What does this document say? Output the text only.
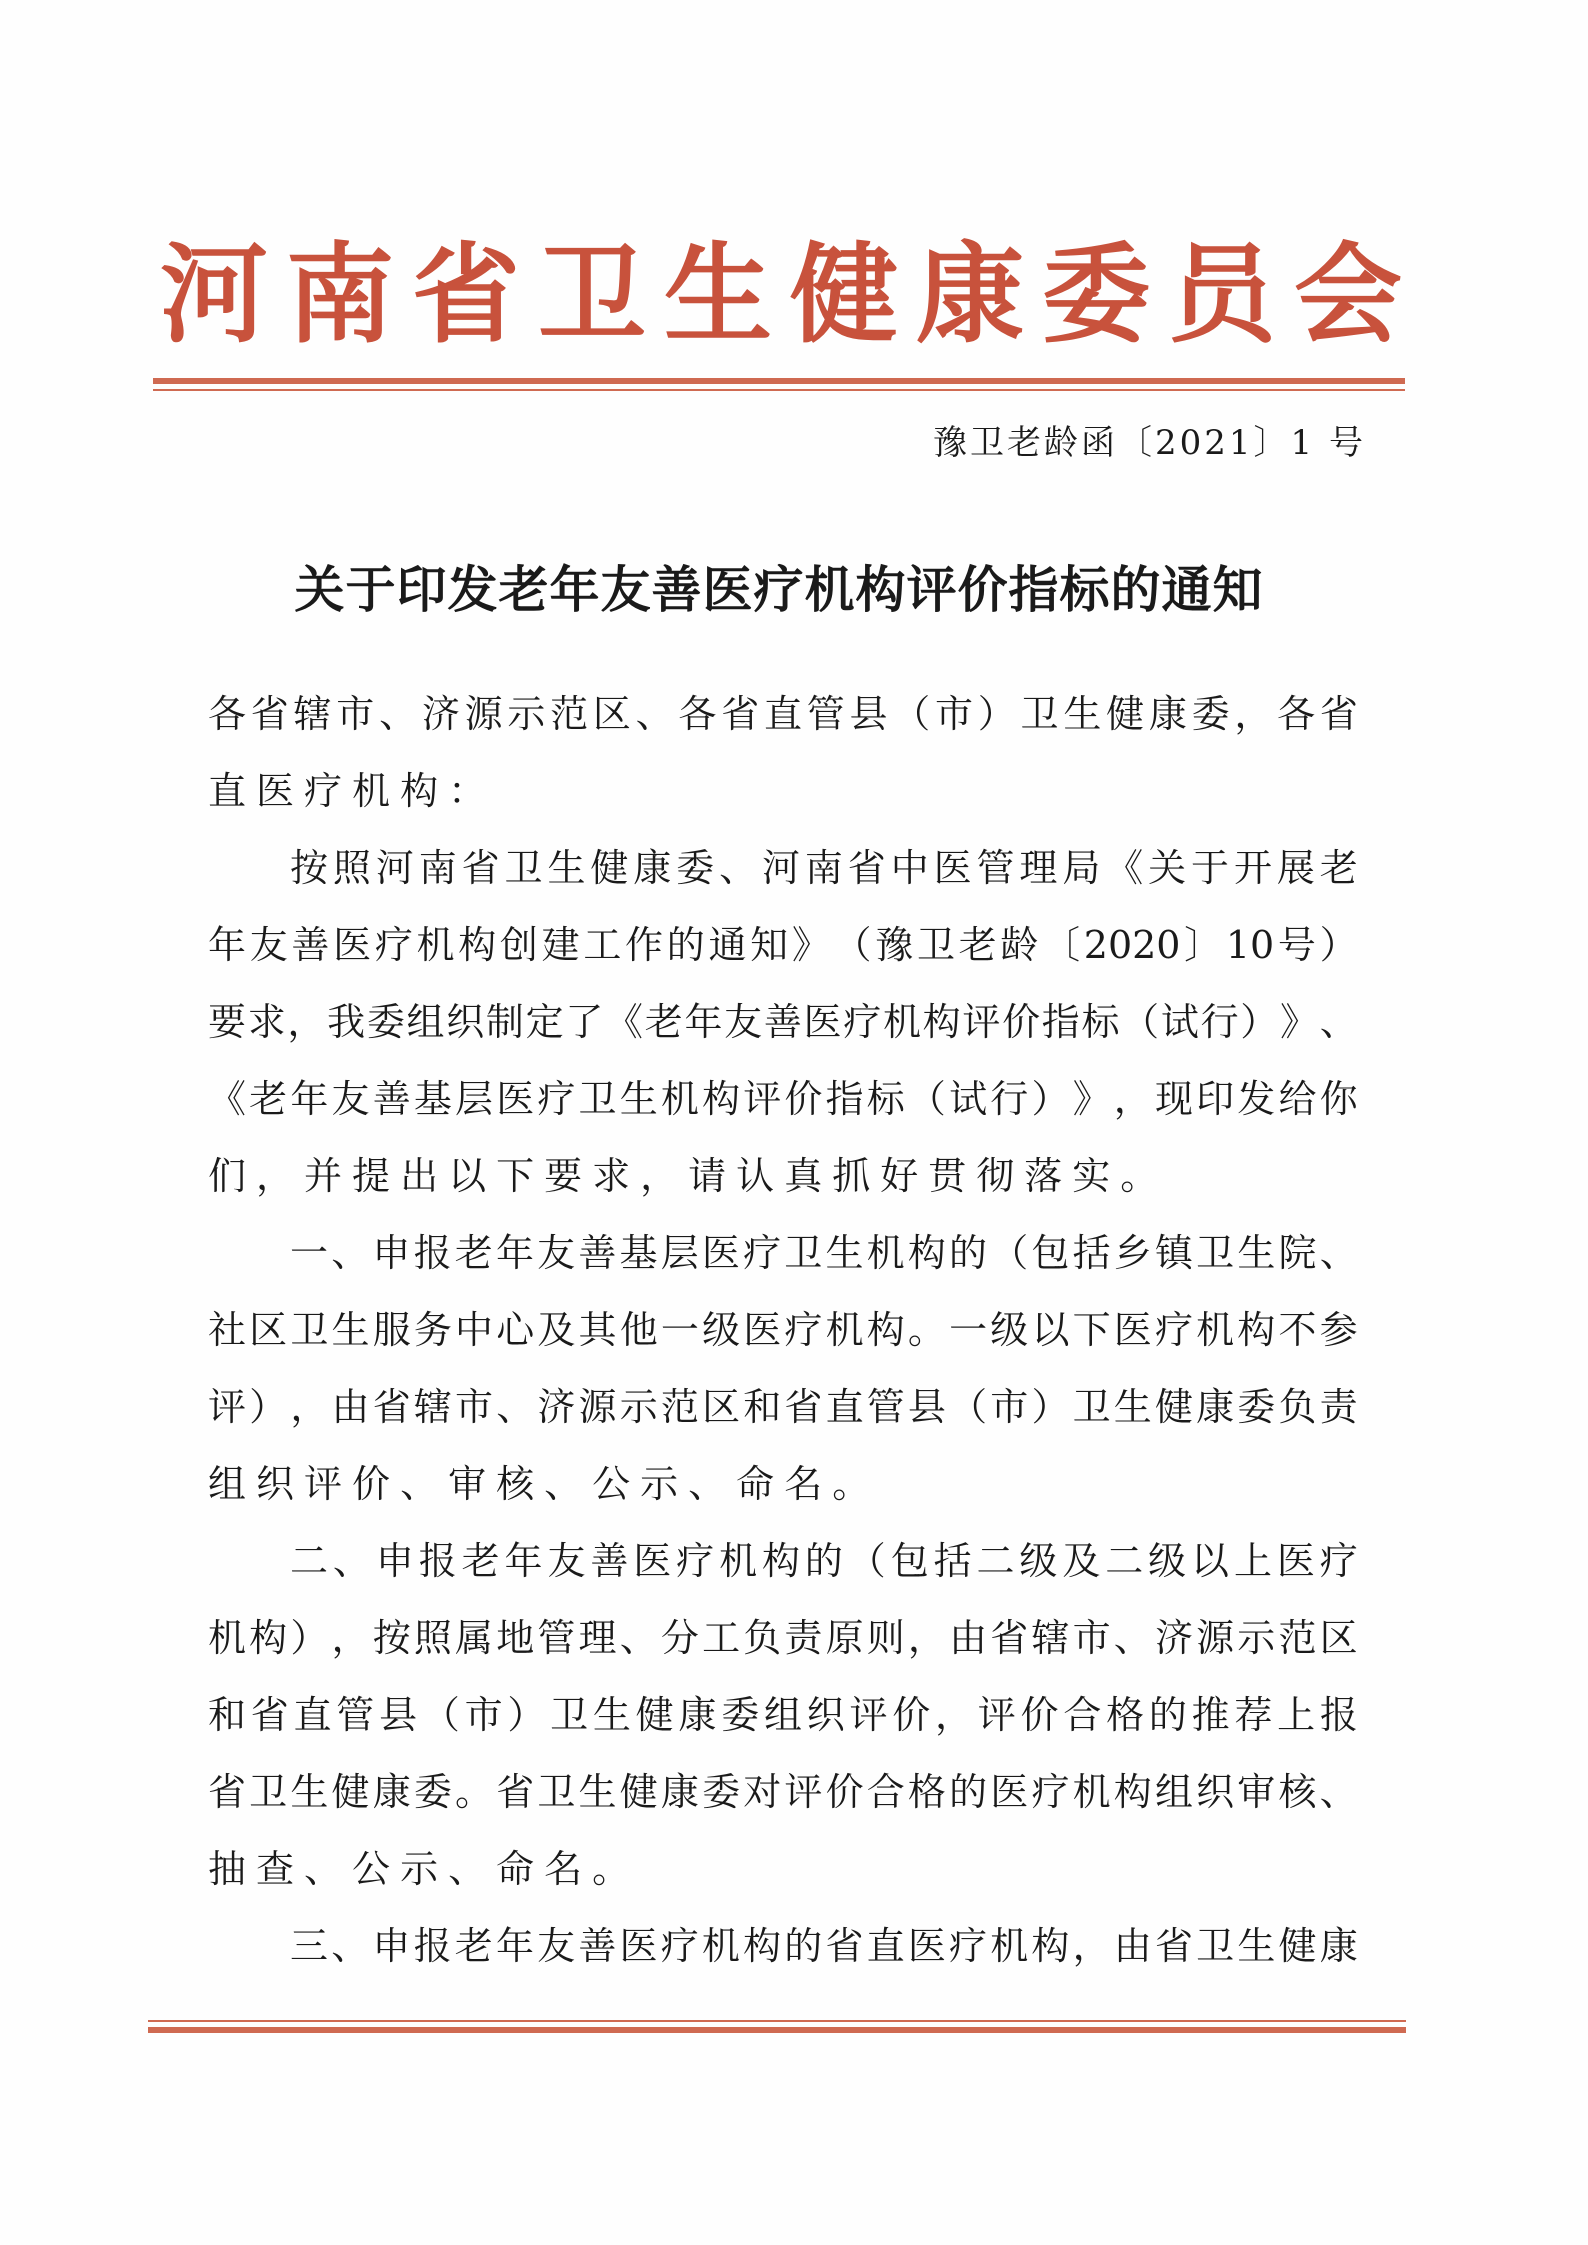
河南省卫生健康委员会
豫卫老龄函〔2021〕1 号
关于印发老年友善医疗机构评价指标的通知
各 省 辖 市 、 济 源 示 范 区 、 各 省 直 管 县 （ 市 ） 卫 生 健 康 委 ， 各 省
直 医 疗 机 构 ：
按 照 河 南 省 卫 生 健 康 委 、 河 南 省 中 医 管 理 局 《 关 于 开 展 老
年 友 善 医 疗 机 构 创 建 工 作 的 通 知 》 （ 豫 卫 老 龄 〔 2020 〕 10 号 ）
要 求 ， 我 委 组 织 制 定 了 《 老 年 友 善 医 疗 机 构 评 价 指 标 （ 试 行 ） 》 、
《 老 年 友 善 基 层 医 疗 卫 生 机 构 评 价 指 标 （ 试 行 ） 》 ， 现 印 发 给 你
们 ， 并 提 出 以 下 要 求 ， 请 认 真 抓 好 贯 彻 落 实 。
一 、 申 报 老 年 友 善 基 层 医 疗 卫 生 机 构 的 （ 包 括 乡 镇 卫 生 院 、
社 区 卫 生 服 务 中 心 及 其 他 一 级 医 疗 机 构 。 一 级 以 下 医 疗 机 构 不 参
评 ） ， 由 省 辖 市 、 济 源 示 范 区 和 省 直 管 县 （ 市 ） 卫 生 健 康 委 负 责
组 织 评 价 、 审 核 、 公 示 、 命 名 。
二 、 申 报 老 年 友 善 医 疗 机 构 的 （ 包 括 二 级 及 二 级 以 上 医 疗
机 构 ） ， 按 照 属 地 管 理 、 分 工 负 责 原 则 ， 由 省 辖 市 、 济 源 示 范 区
和 省 直 管 县 （ 市 ） 卫 生 健 康 委 组 织 评 价 ， 评 价 合 格 的 推 荐 上 报
省 卫 生 健 康 委 。 省 卫 生 健 康 委 对 评 价 合 格 的 医 疗 机 构 组 织 审 核 、
抽 查 、 公 示 、 命 名 。
三 、 申 报 老 年 友 善 医 疗 机 构 的 省 直 医 疗 机 构 ， 由 省 卫 生 健 康
